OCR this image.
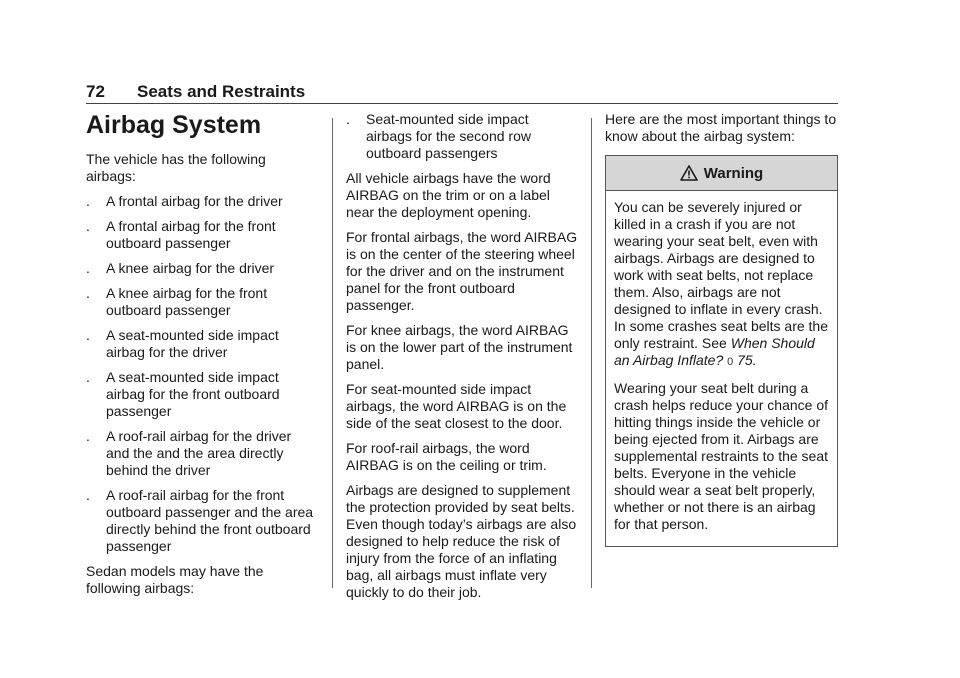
72 Seats and Restraints
Airbag System

The vehicle has the following airbags:

. A frontal airbag for the driver
. A frontal airbag for the front outboard passenger
. A knee airbag for the driver
. A knee airbag for the front outboard passenger
. A seat-mounted side impact airbag for the driver
. A seat-mounted side impact airbag for the front outboard passenger
. A roof-rail airbag for the driver and the and the area directly behind the driver
. A roof-rail airbag for the front outboard passenger and the area directly behind the front outboard passenger

Sedan models may have the following airbags:

. Seat-mounted side impact airbags for the second row outboard passengers

All vehicle airbags have the word AIRBAG on the trim or on a label near the deployment opening.

For frontal airbags, the word AIRBAG is on the center of the steering wheel for the driver and on the instrument panel for the front outboard passenger.

For knee airbags, the word AIRBAG is on the lower part of the instrument panel.

For seat-mounted side impact airbags, the word AIRBAG is on the side of the seat closest to the door.

For roof-rail airbags, the word AIRBAG is on the ceiling or trim.

Airbags are designed to supplement the protection provided by seat belts. Even though today’s airbags are also designed to help reduce the risk of injury from the force of an inflating bag, all airbags must inflate very quickly to do their job.

Here are the most important things to know about the airbag system:

Warning

You can be severely injured or killed in a crash if you are not wearing your seat belt, even with airbags. Airbags are designed to work with seat belts, not replace them. Also, airbags are not designed to inflate in every crash. In some crashes seat belts are the only restraint. See When Should an Airbag Inflate? 0 75.

Wearing your seat belt during a crash helps reduce your chance of hitting things inside the vehicle or being ejected from it. Airbags are supplemental restraints to the seat belts. Everyone in the vehicle should wear a seat belt properly, whether or not there is an airbag for that person.
